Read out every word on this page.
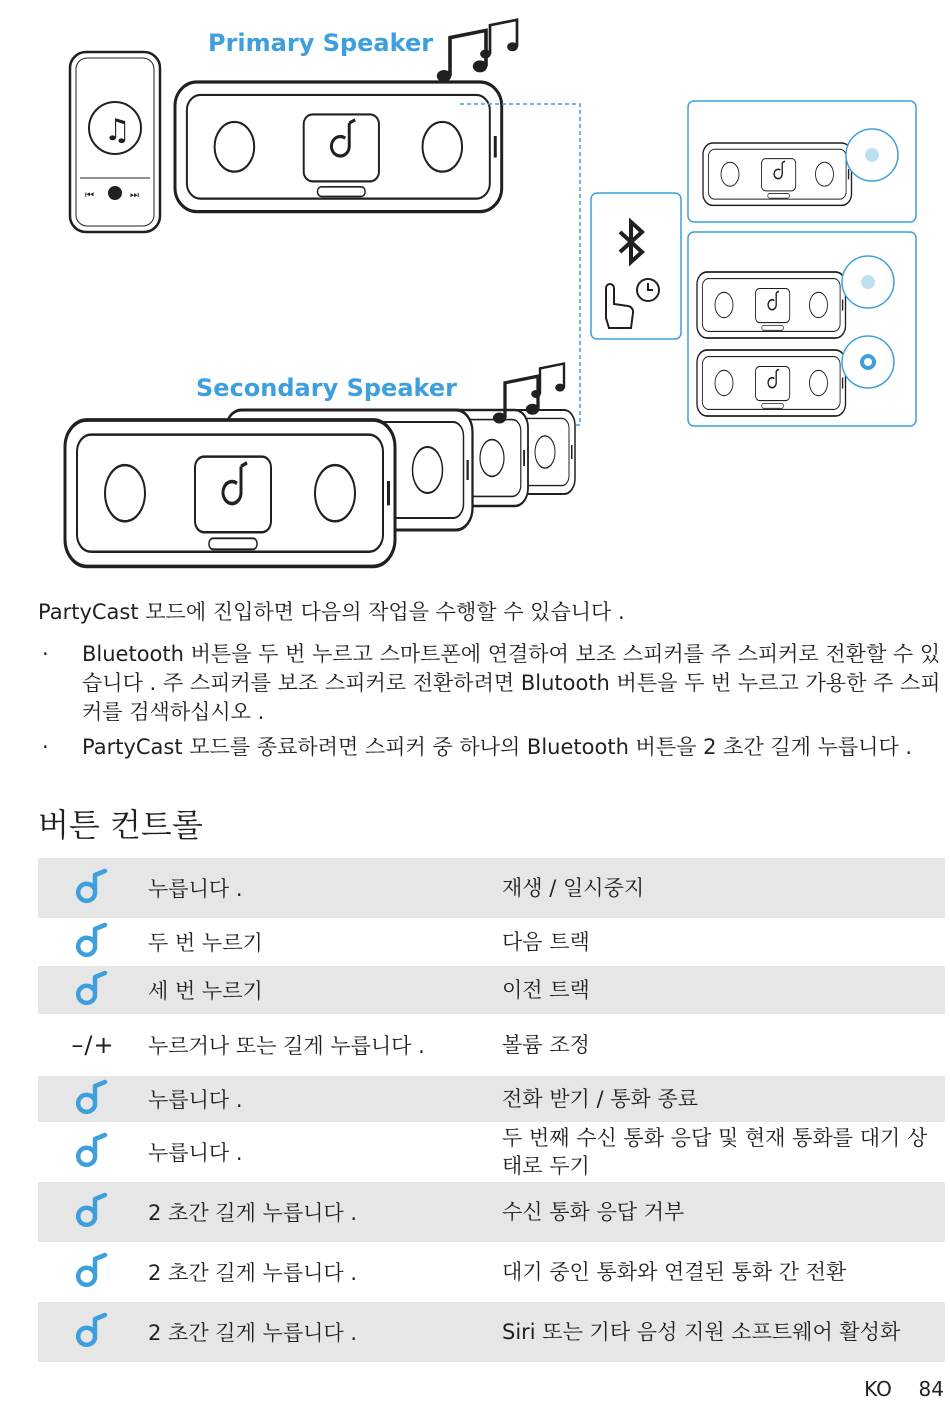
♫
⏮	⏭
Primary Speaker
Secondary Speaker
PartyCast 모드에 진입하면 다음의 작업을 수행할 수 있습니다 .
· Bluetooth 버튼을 두 번 누르고 스마트폰에 연결하여 보조 스피커를 주 스피커로 전환할 수 있습니다 . 주 스피커를 보조 스피커로 전환하려면 Blutooth 버튼을 두 번 누르고 가용한 주 스피커를 검색하십시오 .
· PartyCast 모드를 종료하려면 스피커 중 하나의 Bluetooth 버튼을 2 초간 길게 누릅니다 .
버튼 컨트롤
	누릅니다 .	재생 / 일시중지
	두 번 누르기	다음 트랙
	세 번 누르기	이전 트랙
–/+	누르거나 또는 길게 누릅니다 .	볼륨 조정
	누릅니다 .	전화 받기 / 통화 종료
	누릅니다 .	두 번째 수신 통화 응답 및 현재 통화를 대기 상태로 두기
	2 초간 길게 누릅니다 .	수신 통화 응답 거부
	2 초간 길게 누릅니다 .	대기 중인 통화와 연결된 통화 간 전환
	2 초간 길게 누릅니다 .	Siri 또는 기타 음성 지원 소프트웨어 활성화
KO 84
